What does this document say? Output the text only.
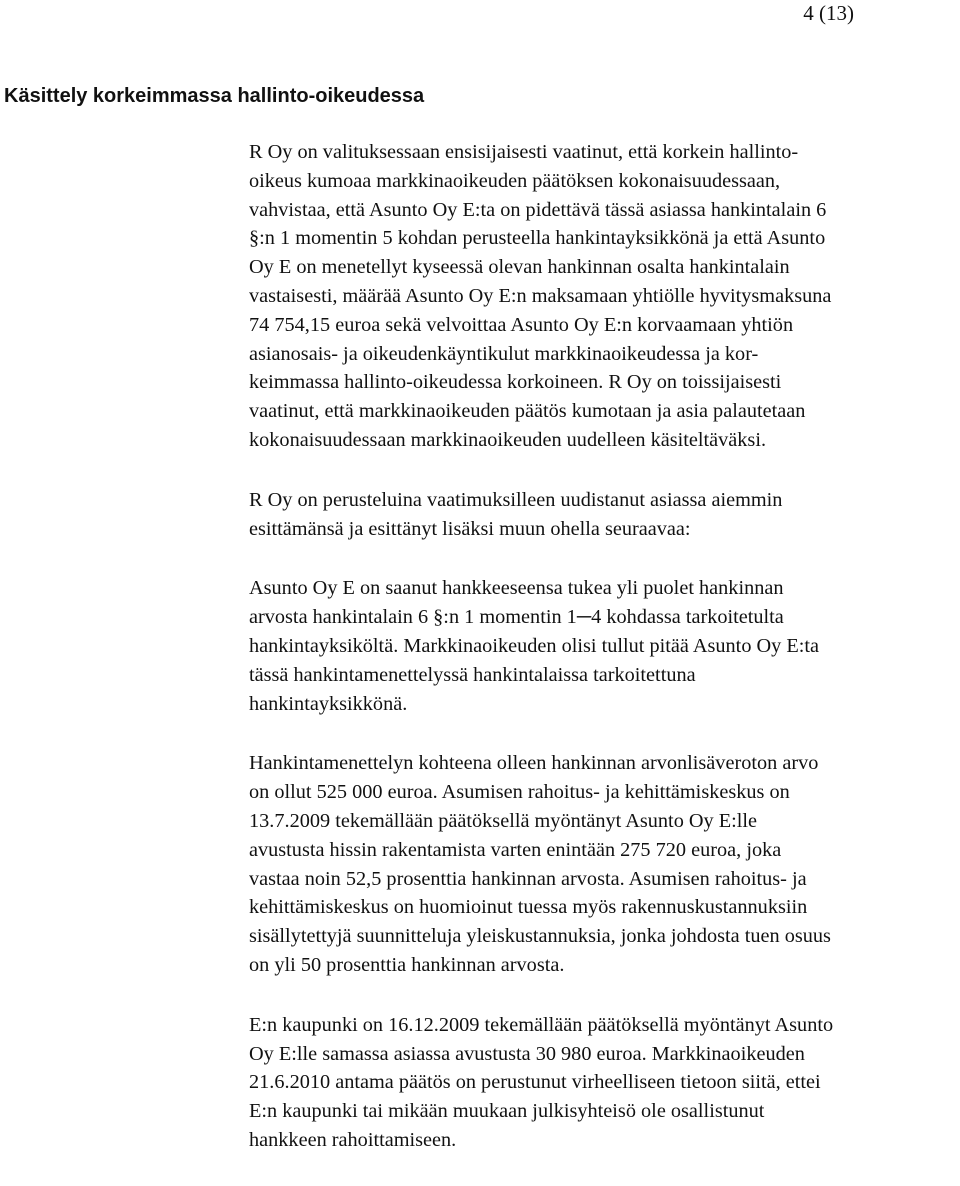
4 (13)
Käsittely korkeimmassa hallinto-oikeudessa
R Oy on valituksessaan ensisijaisesti vaatinut, että korkein hallinto-
oikeus kumoaa markkinaoikeuden päätöksen kokonaisuudessaan,
vahvistaa, että Asunto Oy E:ta on pidettävä tässä asiassa hankintalain 6
§:n 1 momentin 5 kohdan perusteella hankintayksikkönä ja että Asunto
Oy E on menetellyt kyseessä olevan hankinnan osalta hankintalain
vastaisesti, määrää Asunto Oy E:n maksamaan yhtiölle hyvitysmaksuna
74 754,15 euroa sekä velvoittaa Asunto Oy E:n korvaamaan yhtiön
asianosais- ja oikeudenkäyntikulut markkinaoikeudessa ja kor-
keimmassa hallinto-oikeudessa korkoineen. R Oy on toissijaisesti
vaatinut, että markkinaoikeuden päätös kumotaan ja asia palautetaan
kokonaisuudessaan markkinaoikeuden uudelleen käsiteltäväksi.
R Oy on perusteluina vaatimuksilleen uudistanut asiassa aiemmin
esittämänsä ja esittänyt lisäksi muun ohella seuraavaa:
Asunto Oy E on saanut hankkeeseensa tukea yli puolet hankinnan
arvosta hankintalain 6 §:n 1 momentin 1─4 kohdassa tarkoitetulta
hankintayksiköltä. Markkinaoikeuden olisi tullut pitää Asunto Oy E:ta
tässä hankintamenettelyssä hankintalaissa tarkoitettuna
hankintayksikkönä.
Hankintamenettelyn kohteena olleen hankinnan arvonlisäveroton arvo
on ollut 525 000 euroa. Asumisen rahoitus- ja kehittämiskeskus on
13.7.2009 tekemällään päätöksellä myöntänyt Asunto Oy E:lle
avustusta hissin rakentamista varten enintään 275 720 euroa, joka
vastaa noin 52,5 prosenttia hankinnan arvosta. Asumisen rahoitus- ja
kehittämiskeskus on huomioinut tuessa myös rakennuskustannuksiin
sisällytettyjä suunnitteluja yleiskustannuksia, jonka johdosta tuen osuus
on yli 50 prosenttia hankinnan arvosta.
E:n kaupunki on 16.12.2009 tekemällään päätöksellä myöntänyt Asunto
Oy E:lle samassa asiassa avustusta 30 980 euroa. Markkinaoikeuden
21.6.2010 antama päätös on perustunut virheelliseen tietoon siitä, ettei
E:n kaupunki tai mikään muukaan julkisyhteisö ole osallistunut
hankkeen rahoittamiseen.
